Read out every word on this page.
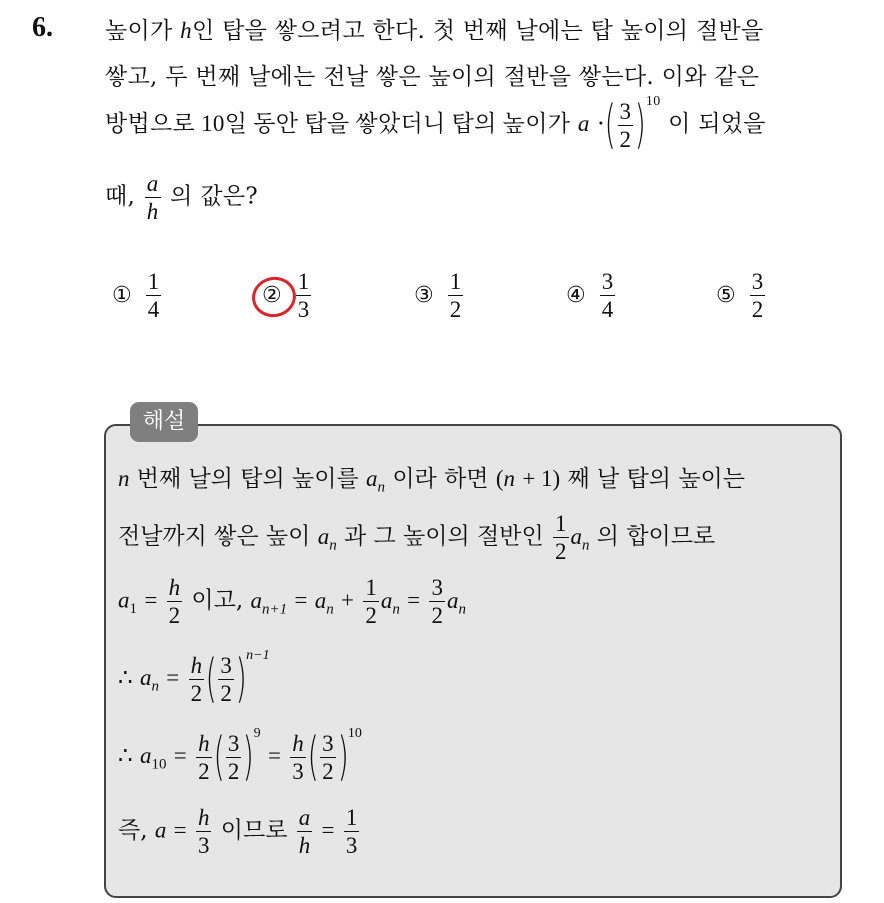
6. 높이가 h인 탑을 쌓으려고 한다. 첫 번째 날에는 탑 높이의 절반을
쌓고, 두 번째 날에는 전날 쌓은 높이의 절반을 쌓는다. 이와 같은
방법으로 10일 동안 탑을 쌓았더니 탑의 높이가 a ·( $\frac{3}{2} )^{10}$ 이 되었을
때, $\frac{a}{h}$ 의 값은?
① $\frac{1}{4}$	② $\frac{1}{3}$	③ $\frac{1}{2}$	④ $\frac{3}{4}$	⑤ $\frac{3}{2}$
해설
n 번째 날의 탑의 높이를 $a_n$ 이라 하면 (n + 1) 째 날 탑의 높이는
전날까지 쌓은 높이 $a_n$ 과 그 높이의 절반인 $\frac{1}{2} a_n$ 의 합이므로
$a_1 = \frac{h}{2}$ 이고, $a_{n+1} = a_n + \frac{1}{2} a_n = \frac{3}{2} a_n$
∴ $a_n = \frac{h}{2}$ ( $\frac{3}{2} )^{n-1}$
∴ $a_{10} = \frac{h}{2}$ ( $\frac{3}{2} )^9 = \frac{h}{3}$ ( $\frac{3}{2} )^{10}$
즉, $a = \frac{h}{3}$ 이므로 $\frac{a}{h} = \frac{1}{3}$
